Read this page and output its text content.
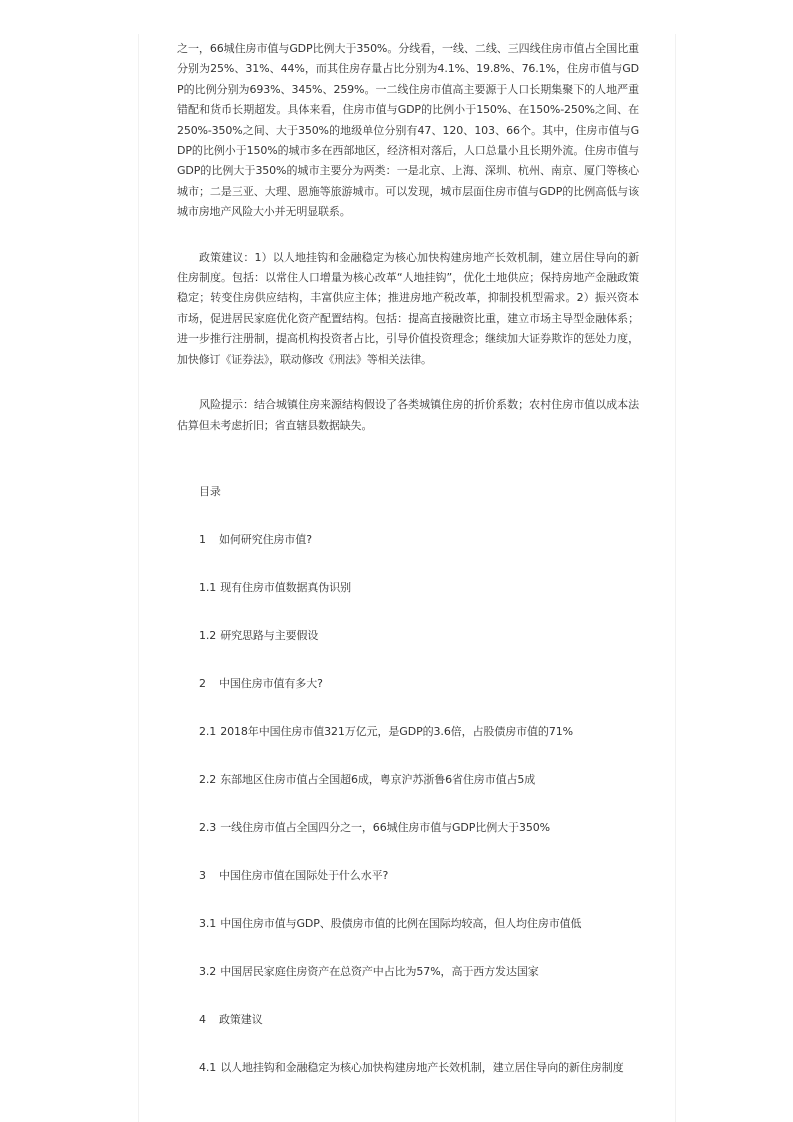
之一，66城住房市值与GDP比例大于350%。分线看，一线、二线、三四线住房市值占全国比重分别为25%、31%、44%，而其住房存量占比分别为4.1%、19.8%、76.1%，住房市值与GDP的比例分别为693%、345%、259%。一二线住房市值高主要源于人口长期集聚下的人地严重错配和货币长期超发。具体来看，住房市值与GDP的比例小于150%、在150%-250%之间、在250%-350%之间、大于350%的地级单位分别有47、120、103、66个。其中，住房市值与GDP的比例小于150%的城市多在西部地区，经济相对落后，人口总量小且长期外流。住房市值与GDP的比例大于350%的城市主要分为两类：一是北京、上海、深圳、杭州、南京、厦门等核心城市；二是三亚、大理、恩施等旅游城市。可以发现，城市层面住房市值与GDP的比例高低与该城市房地产风险大小并无明显联系。

政策建议：1）以人地挂钩和金融稳定为核心加快构建房地产长效机制，建立居住导向的新住房制度。包括：以常住人口增量为核心改革“人地挂钩”，优化土地供应；保持房地产金融政策稳定；转变住房供应结构，丰富供应主体；推进房地产税改革，抑制投机型需求。2）振兴资本市场，促进居民家庭优化资产配置结构。包括：提高直接融资比重，建立市场主导型金融体系；进一步推行注册制，提高机构投资者占比，引导价值投资理念；继续加大证券欺诈的惩处力度，加快修订《证券法》，联动修改《刑法》等相关法律。

风险提示：结合城镇住房来源结构假设了各类城镇住房的折价系数；农村住房市值以成本法估算但未考虑折旧；省直辖县数据缺失。

目录
1 如何研究住房市值?
1.1 现有住房市值数据真伪识别
1.2 研究思路与主要假设
2 中国住房市值有多大?
2.1 2018年中国住房市值321万亿元，是GDP的3.6倍，占股债房市值的71%
2.2 东部地区住房市值占全国超6成，粤京沪苏浙鲁6省住房市值占5成
2.3 一线住房市值占全国四分之一，66城住房市值与GDP比例大于350%
3 中国住房市值在国际处于什么水平?
3.1 中国住房市值与GDP、股债房市值的比例在国际均较高，但人均住房市值低
3.2 中国居民家庭住房资产在总资产中占比为57%，高于西方发达国家
4 政策建议
4.1 以人地挂钩和金融稳定为核心加快构建房地产长效机制，建立居住导向的新住房制度
